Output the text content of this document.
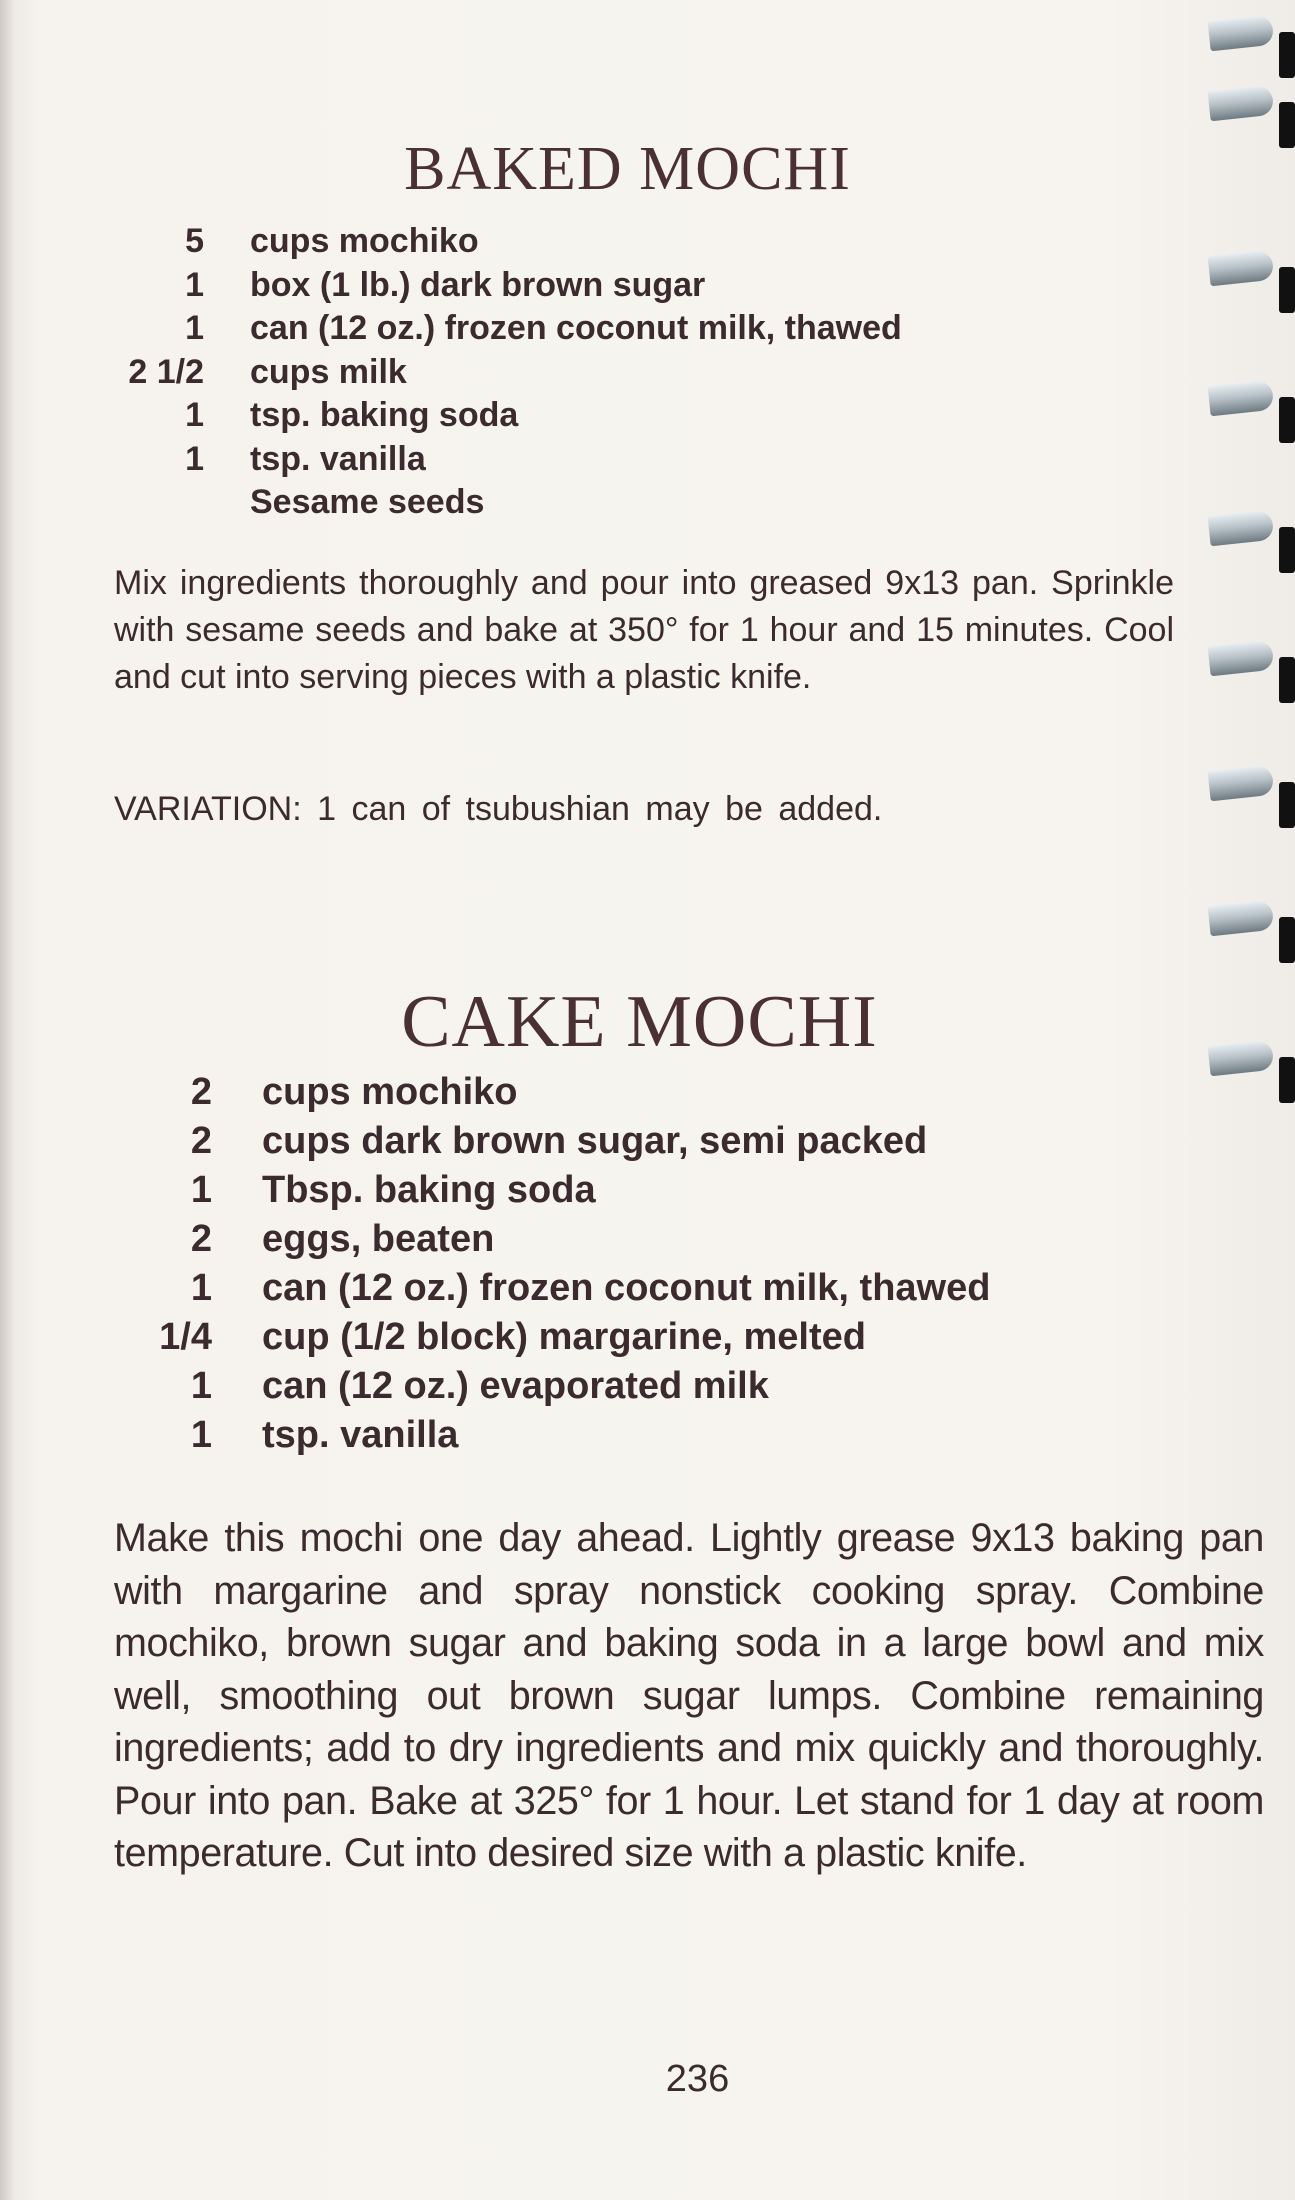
BAKED MOCHI
5 cups mochiko
1 box (1 lb.) dark brown sugar
1 can (12 oz.) frozen coconut milk, thawed
2 1/2 cups milk
1 tsp. baking soda
1 tsp. vanilla
Sesame seeds

Mix ingredients thoroughly and pour into greased 9x13 pan. Sprinkle with sesame seeds and bake at 350° for 1 hour and 15 minutes. Cool and cut into serving pieces with a plastic knife.

VARIATION: 1 can of tsubushian may be added.

CAKE MOCHI
2 cups mochiko
2 cups dark brown sugar, semi packed
1 Tbsp. baking soda
2 eggs, beaten
1 can (12 oz.) frozen coconut milk, thawed
1/4 cup (1/2 block) margarine, melted
1 can (12 oz.) evaporated milk
1 tsp. vanilla

Make this mochi one day ahead. Lightly grease 9x13 baking pan with margarine and spray nonstick cooking spray. Combine mochiko, brown sugar and baking soda in a large bowl and mix well, smoothing out brown sugar lumps. Combine remaining ingredients; add to dry ingredients and mix quickly and thoroughly. Pour into pan. Bake at 325° for 1 hour. Let stand for 1 day at room temperature. Cut into desired size with a plastic knife.

236
